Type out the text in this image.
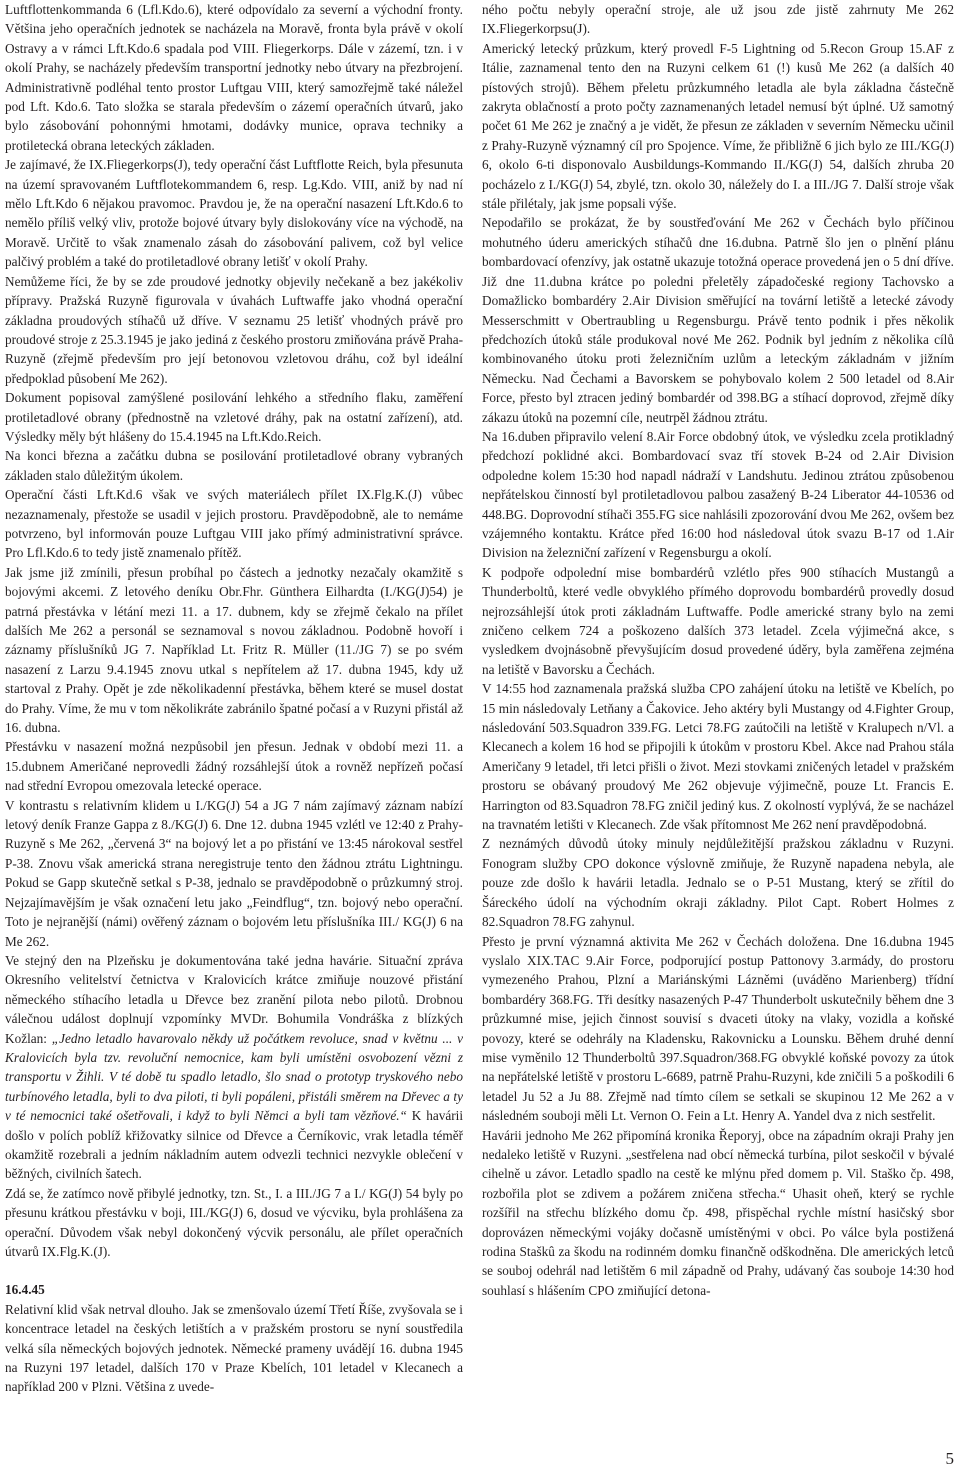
Luftflottenkommanda 6 (Lfl.Kdo.6), které odpovídalo za severní a východní fronty. Většina jeho operačních jednotek se nacházela na Moravě, fronta byla právě v okolí Ostravy a v rámci Lft.Kdo.6 spadala pod VIII. Fliegerkorps. Dále v zázemí, tzn. i v okolí Prahy, se nacházely především transportní jednotky nebo útvary na přezbrojení. Administrativně podléhal tento prostor Luftgau VIII, který samozřejmě také náležel pod Lft. Kdo.6. Tato složka se starala především o zázemí operačních útvarů, jako bylo zásobování pohonnými hmotami, dodávky munice, oprava techniky a protiletecká obrana leteckých základen.

Je zajímavé, že IX.Fliegerkorps(J), tedy operační část Luftflotte Reich, byla přesunuta na území spravovaném Luftflotekommandem 6, resp. Lg.Kdo. VIII, aniž by nad ní mělo Lft.Kdo 6 nějakou pravomoc. Pravdou je, že na operační nasazení Lft.Kdo.6 to nemělo příliš velký vliv, protože bojové útvary byly dislokovány více na východě, na Moravě. Určitě to však znamenalo zásah do zásobování palivem, což byl velice palčivý problém a také do protiletadlové obrany letišť v okolí Prahy.

Nemůžeme říci, že by se zde proudové jednotky objevily nečekaně a bez jakékoliv přípravy. Pražská Ruzyně figurovala v úvahách Luftwaffe jako vhodná operační základna proudových stíhačů už dříve. V seznamu 25 letišť vhodných právě pro proudové stroje z 25.3.1945 je jako jediná z českého prostoru zmiňována právě Praha-Ruzyně (zřejmě především pro její betonovou vzletovou dráhu, což byl ideální předpoklad působení Me 262).

Dokument popisoval zamýšlené posilování lehkého a středního flaku, zaměření protiletadlové obrany (přednostně na vzletové dráhy, pak na ostatní zařízení), atd. Výsledky měly být hlášeny do 15.4.1945 na Lft.Kdo.Reich.

Na konci března a začátku dubna se posilování protiletadlové obrany vybraných základen stalo důležitým úkolem.

Operační části Lft.Kd.6 však ve svých materiálech přílet IX.Flg.K.(J) vůbec nezaznamenaly, přestože se usadil v jejich prostoru. Pravděpodobně, ale to nemáme potvrzeno, byl informován pouze Luftgau VIII jako přímý administrativní správce. Pro Lfl.Kdo.6 to tedy jistě znamenalo přítěž.

Jak jsme již zmínili, přesun probíhal po částech a jednotky nezačaly okamžitě s bojovými akcemi. Z letového deníku Obr.Fhr. Günthera Eilhardta (I./KG(J)54) je patrná přestávka v létání mezi 11. a 17. dubnem, kdy se zřejmě čekalo na přílet dalších Me 262 a personál se seznamoval s novou základnou. Podobně hovoří i záznamy příslušníků JG 7. Například Lt. Fritz R. Müller (11./JG 7) se po svém nasazení z Larzu 9.4.1945 znovu utkal s nepřítelem až 17. dubna 1945, kdy už startoval z Prahy. Opět je zde několikadenní přestávka, během které se musel dostat do Prahy. Víme, že mu v tom několikráte zabránilo špatné počasí a v Ruzyni přistál až 16. dubna.

Přestávku v nasazení možná nezpůsobil jen přesun. Jednak v období mezi 11. a 15.dubnem Američané neprovedli žádný rozsáhlejší útok a rovněž nepřízeň počasí nad střední Evropou omezovala letecké operace.

V kontrastu s relativním klidem u I./KG(J) 54 a JG 7 nám zajímavý záznam nabízí letový deník Franze Gappa z 8./KG(J) 6. Dne 12. dubna 1945 vzlétl ve 12:40 z Prahy-Ruzyně s Me 262, „červená 3“ na bojový let a po přistání ve 13:45 nárokoval sestřel P-38. Znovu však americká strana neregistruje tento den žádnou ztrátu Lightningu. Pokud se Gapp skutečně setkal s P-38, jednalo se pravděpodobně o průzkumný stroj. Nejzajímavějším je však označení letu jako „Feindflug“, tzn. bojový nebo operační. Toto je nejranější (námi) ověřený záznam o bojovém letu příslušníka III./ KG(J) 6 na Me 262.

Ve stejný den na Plzeňsku je dokumentována také jedna havárie. Situační zpráva Okresního velitelství četnictva v Kralovicích krátce zmiňuje nouzové přistání německého stíhacího letadla u Dřevce bez zranění pilota nebo pilotů. Drobnou válečnou událost doplnují vzpomínky MVDr. Bohumila Vondráška z blízkých Kožlan: „Jedno letadlo havarovalo někdy už počátkem revoluce, snad v květnu ... v Kralovicích byla tzv. revoluční nemocnice, kam byli umístěni osvobození vězni z transportu v Žihli. V té době tu spadlo letadlo, šlo snad o prototyp tryskového nebo turbínového letadla, byli to dva piloti, ti byli popáleni, přistáli směrem na Dřevec a ty v té nemocnici také ošetřovali, i když to byli Němci a byli tam vězňové.“ K havárii došlo v polích poblíž křižovatky silnice od Dřevce a Černíkovic, vrak letadla téměř okamžitě rozebrali a jedním nákladním autem odvezli technici nezvykle oblečení v běžných, civilních šatech.

Zdá se, že zatímco nově přibylé jednotky, tzn. St., I. a III./JG 7 a I./ KG(J) 54 byly po přesunu krátkou přestávku v boji, III./KG(J) 6, dosud ve výcviku, byla prohlášena za operační. Důvodem však nebyl dokončený výcvik personálu, ale přílet operačních útvarů IX.Flg.K.(J).

16.4.45

Relativní klid však netrval dlouho. Jak se zmenšovalo území Třetí Říše, zvyšovala se i koncentrace letadel na českých letištích a v pražském prostoru se nyní soustředila velká síla německých bojových jednotek. Německé prameny uvádějí 16. dubna 1945 na Ruzyni 197 letadel, dalších 170 v Praze Kbelích, 101 letadel v Klecanech a například 200 v Plzni. Většina z uvede-

ného počtu nebyly operační stroje, ale už jsou zde jistě zahrnuty Me 262 IX.Fliegerkorpsu(J).

Americký letecký průzkum, který provedl F-5 Lightning od 5.Recon Group 15.AF z Itálie, zaznamenal tento den na Ruzyni celkem 61 (!) kusů Me 262 (a dalších 40 pístových strojů). Během přeletu průzkumného letadla ale byla základna částečně zakryta oblačností a proto počty zaznamenaných letadel nemusí být úplné. Už samotný počet 61 Me 262 je značný a je vidět, že přesun ze základen v severním Německu učinil z Prahy-Ruzyně významný cíl pro Spojence. Víme, že přibližně 6 jich bylo ze III./KG(J) 6, okolo 6-ti disponovalo Ausbildungs-Kommando II./KG(J) 54, dalších zhruba 20 pocházelo z I./KG(J) 54, zbylé, tzn. okolo 30, náležely do I. a III./JG 7. Další stroje však stále přilétaly, jak jsme popsali výše.

Nepodařilo se prokázat, že by soustřeďování Me 262 v Čechách bylo příčinou mohutného úderu amerických stíhačů dne 16.dubna. Patrně šlo jen o plnění plánu bombardovací ofenzívy, jak ostatně ukazuje totožná operace provedená jen o 5 dní dříve. Již dne 11.dubna krátce po poledni přeletěly západočeské regiony Tachovsko a Domažlicko bombardéry 2.Air Division směřující na tovární letiště a letecké závody Messerschmitt v Obertraubling u Regensburgu. Právě tento podnik i přes několik předchozích útoků stále produkoval nové Me 262. Podnik byl jedním z několika cílů kombinovaného útoku proti železničním uzlům a leteckým základnám v jižním Německu. Nad Čechami a Bavorskem se pohybovalo kolem 2 500 letadel od 8.Air Force, přesto byl ztracen jediný bombardér od 398.BG a stíhací doprovod, zřejmě díky zákazu útoků na pozemní cíle, neutrpěl žádnou ztrátu.

Na 16.duben připravilo velení 8.Air Force obdobný útok, ve výsledku zcela protikladný předchozí poklidné akci. Bombardovací svaz tří stovek B-24 od 2.Air Division odpoledne kolem 15:30 hod napadl nádraží v Landshutu. Jedinou ztrátou způsobenou nepřátelskou činností byl protiletadlovou palbou zasažený B-24 Liberator 44-10536 od 448.BG. Doprovodní stíhači 355.FG sice nahlásili zpozorování dvou Me 262, ovšem bez vzájemného kontaktu. Krátce před 16:00 hod následoval útok svazu B-17 od 1.Air Division na železniční zařízení v Regensburgu a okolí.

K podpoře odpolední mise bombardérů vzlétlo přes 900 stíhacích Mustangů a Thunderboltů, které vedle obvyklého přímého doprovodu bombardérů provedly dosud nejrozsáhlejší útok proti základnám Luftwaffe. Podle americké strany bylo na zemi zničeno celkem 724 a poškozeno dalších 373 letadel. Zcela výjimečná akce, s vysledkem dvojnásobně převyšujícím dosud provedené úděry, byla zaměřena zejména na letiště v Bavorsku a Čechách.

V 14:55 hod zaznamenala pražská služba CPO zahájení útoku na letiště ve Kbelích, po 15 min následovaly Letňany a Čakovice. Jeho aktéry byli Mustangy od 4.Fighter Group, následování 503.Squadron 339.FG. Letci 78.FG zaútočili na letiště v Kralupech n/Vl. a Klecanech a kolem 16 hod se připojili k útokům v prostoru Kbel. Akce nad Prahou stála Američany 9 letadel, tři letci přišli o život. Mezi stovkami zničených letadel v pražském prostoru se obávaný proudový Me 262 objevuje výjimečně, pouze Lt. Francis E. Harrington od 83.Squadron 78.FG zničil jediný kus. Z okolností vyplývá, že se nacházel na travnatém letišti v Klecanech. Zde však přítomnost Me 262 není pravděpodobná.

Z neznámých důvodů útoky minuly nejdůležitější pražskou základnu v Ruzyni. Fonogram služby CPO dokonce výslovně zmiňuje, že Ruzyně napadena nebyla, ale pouze zde došlo k havárii letadla. Jednalo se o P-51 Mustang, který se zřítil do Šáreckého údolí na východním okraji základny. Pilot Capt. Robert Holmes z 82.Squadron 78.FG zahynul.

Přesto je první významná aktivita Me 262 v Čechách doložena. Dne 16.dubna 1945 vyslalo XIX.TAC 9.Air Force, podporující postup Pattonovy 3.armády, do prostoru vymezeného Prahou, Plzní a Mariánskými Lázněmi (uváděno Marienberg) třídní bombardéry 368.FG. Tři desítky nasazených P-47 Thunderbolt uskutečnily během dne 3 průzkumné mise, jejich činnost souvisí s dvaceti útoky na vlaky, vozidla a koňské povozy, které se odehrály na Kladensku, Rakovnicku a Lounsku. Během druhé denní mise vyměnilo 12 Thunderboltů 397.Squadron/368.FG obvyklé koňské povozy za útok na nepřátelské letiště v prostoru L-6689, patrně Prahu-Ruzyni, kde zničili 5 a poškodili 6 letadel Ju 52 a Ju 88. Zřejmě nad tímto cílem se setkali se skupinou 12 Me 262 a v následném souboji měli Lt. Vernon O. Fein a Lt. Henry A. Yandel dva z nich sestřelit.

Havárii jednoho Me 262 připomíná kronika Řeporyj, obce na západním okraji Prahy jen nedaleko letiště v Ruzyni. „sestřelena nad obcí německá turbína, pilot seskočil v bývalé cihelně u závor. Letadlo spadlo na cestě ke mlýnu před domem p. Vil. Staško čp. 498, rozbořila plot se zdivem a požárem zničena střecha.“ Uhasit oheň, který se rychle rozšířil na střechu blízkého domu čp. 498, přispěchal rychle místní hasičský sbor doprovázen německými vojáky dočasně umístěnými v obci. Po válce byla postižená rodina Staškû za škodu na rodinném domku finančně odškodněna. Dle amerických letců se souboj odehrál nad letištěm 6 mil západně od Prahy, udávaný čas souboje 14:30 hod souhlasí s hlášením CPO zmiňující detona-

5
